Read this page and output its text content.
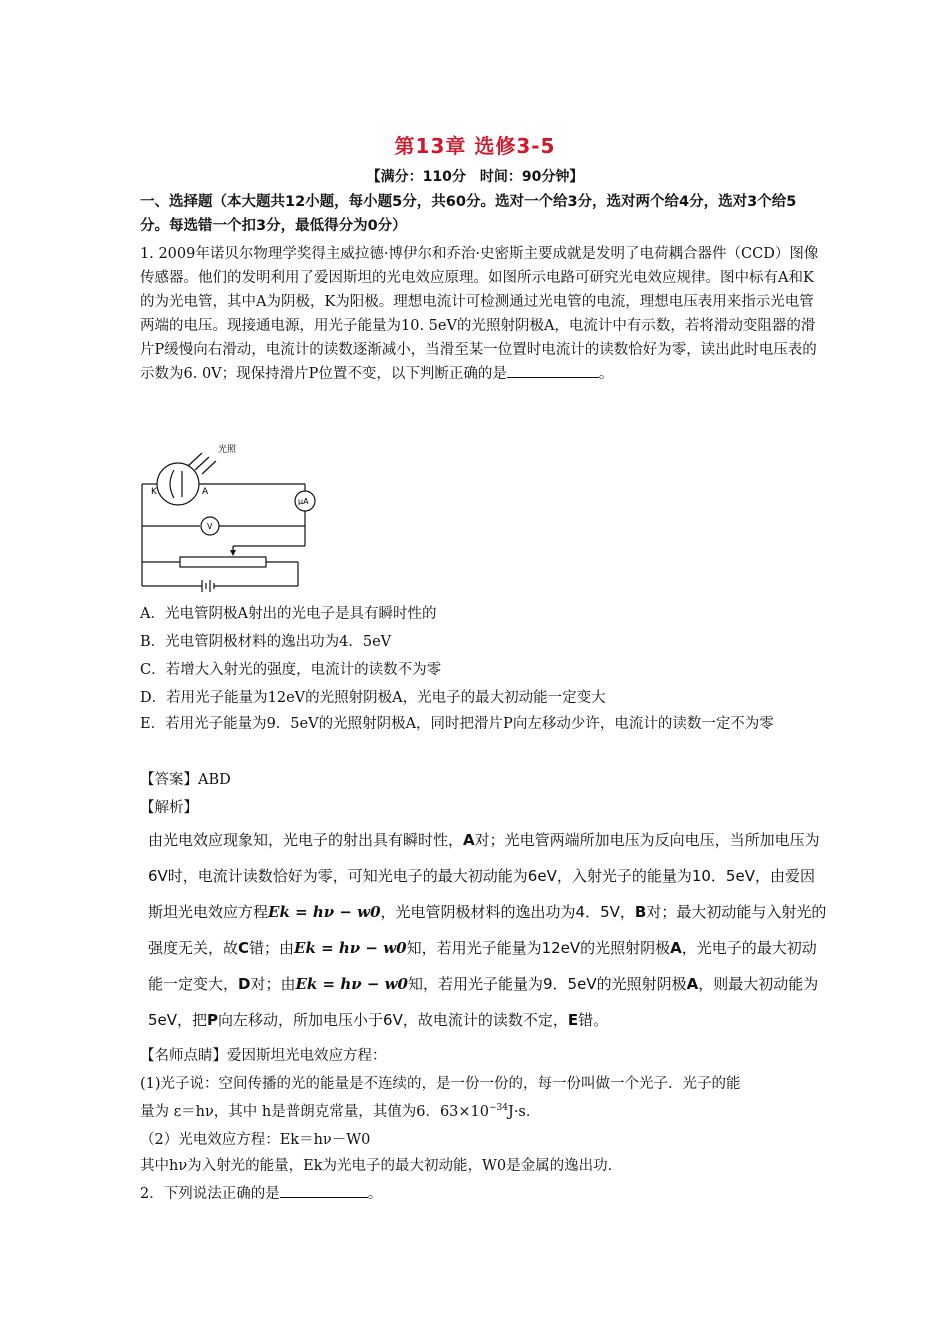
第13章 选修3-5
【满分：110分　时间：90分钟】
一、选择题（本大题共12小题，每小题5分，共60分。选对一个给3分，选对两个给4分，选对3个给5分。每选错一个扣3分，最低得分为0分）
1. 2009年诺贝尔物理学奖得主威拉德·博伊尔和乔治·史密斯主要成就是发明了电荷耦合器件（CCD）图像传感器。他们的发明利用了爱因斯坦的光电效应原理。如图所示电路可研究光电效应规律。图中标有A和K的为光电管，其中A为阴极，K为阳极。理想电流计可检测通过光电管的电流，理想电压表用来指示光电管两端的电压。现接通电源，用光子能量为10. 5eV的光照射阴极A，电流计中有示数，若将滑动变阻器的滑片P缓慢向右滑动，电流计的读数逐渐减小，当滑至某一位置时电流计的读数恰好为零，读出此时电压表的示数为6. 0V；现保持滑片P位置不变，以下判断正确的是	。
光照
K	A
μA
V
A．光电管阴极A射出的光电子是具有瞬时性的
B．光电管阴极材料的逸出功为4．5eV
C．若增大入射光的强度，电流计的读数不为零
D．若用光子能量为12eV的光照射阴极A，光电子的最大初动能一定变大
E．若用光子能量为9．5eV的光照射阴极A，同时把滑片P向左移动少许，电流计的读数一定不为零
【答案】ABD
【解析】
由光电效应现象知，光电子的射出具有瞬时性，A对；光电管两端所加电压为反向电压，当所加电压为6V时，电流计读数恰好为零，可知光电子的最大初动能为6eV，入射光子的能量为10．5eV，由爱因斯坦光电效应方程Ek = hν − w0，光电管阴极材料的逸出功为4．5V，B对；最大初动能与入射光的强度无关，故C错；由Ek = hν − w0知，若用光子能量为12eV的光照射阴极A，光电子的最大初动能一定变大，D对；由Ek = hν − w0知，若用光子能量为9．5eV的光照射阴极A，则最大初动能为5eV，把P向左移动，所加电压小于6V，故电流计的读数不定，E错。
【名师点睛】爱因斯坦光电效应方程：
(1)光子说：空间传播的光的能量是不连续的，是一份一份的，每一份叫做一个光子．光子的能
量为 ε＝hν，其中 h是普朗克常量，其值为6．$63\times 10^{-34}J\cdot s$．
（2）光电效应方程：Ek＝hν－W0
其中hν为入射光的能量，Ek为光电子的最大初动能，W0是金属的逸出功．
2．下列说法正确的是	。
